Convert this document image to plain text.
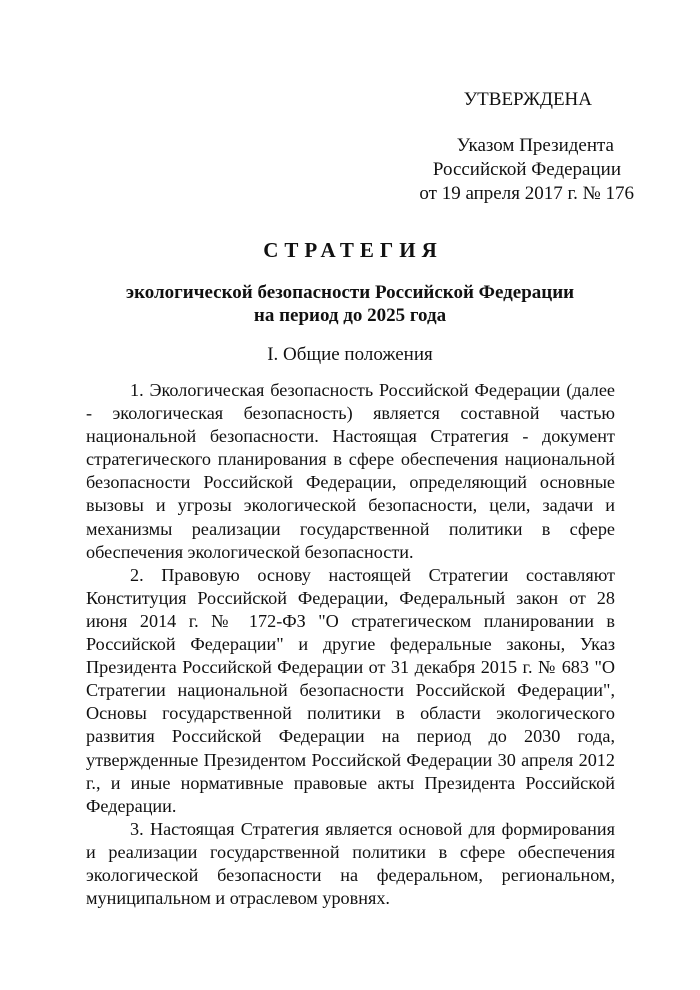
УТВЕРЖДЕНА
Указом Президента
Российской Федерации
от 19 апреля 2017 г. № 176
СТРАТЕГИЯ
экологической безопасности Российской Федерации
на период до 2025 года
I. Общие положения

1. Экологическая безопасность Российской Федерации (далее - экологическая безопасность) является составной частью национальной безопасности. Настоящая Стратегия - документ стратегического планирования в сфере обеспечения национальной безопасности Российской Федерации, определяющий основные вызовы и угрозы экологической безопасности, цели, задачи и механизмы реализации государственной политики в сфере обеспечения экологической безопасности.

2. Правовую основу настоящей Стратегии составляют Конституция Российской Федерации, Федеральный закон от 28 июня 2014 г. № 172-ФЗ "О стратегическом планировании в Российской Федерации" и другие федеральные законы, Указ Президента Российской Федерации от 31 декабря 2015 г. № 683 "О Стратегии национальной безопасности Российской Федерации", Основы государственной политики в области экологического развития Российской Федерации на период до 2030 года, утвержденные Президентом Российской Федерации 30 апреля 2012 г., и иные нормативные правовые акты Президента Российской Федерации.

3. Настоящая Стратегия является основой для формирования и реализации государственной политики в сфере обеспечения экологической безопасности на федеральном, региональном, муниципальном и отраслевом уровнях.
